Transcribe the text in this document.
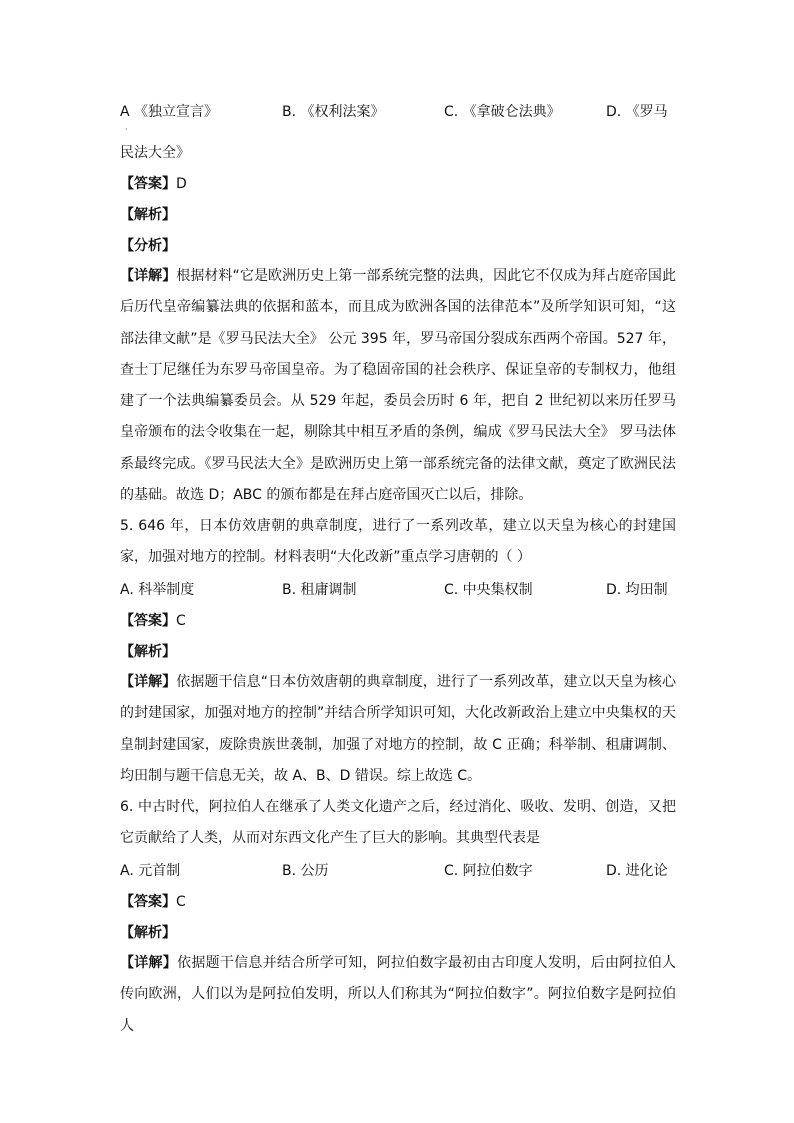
A 《独立宣言》	B. 《权利法案》	C. 《拿破仑法典》	D. 《罗马
民法大全》
【答案】D
【解析】
【分析】
【详解】根据材料“它是欧洲历史上第一部系统完整的法典，因此它不仅成为拜占庭帝国此后历代皇帝编纂法典的依据和蓝本，而且成为欧洲各国的法律范本”及所学知识可知，“这部法律文献”是《罗马民法大全》 公元 395 年，罗马帝国分裂成东西两个帝国。527 年，查士丁尼继任为东罗马帝国皇帝。为了稳固帝国的社会秩序、保证皇帝的专制权力，他组建了一个法典编纂委员会。从 529 年起，委员会历时 6 年，把自 2 世纪初以来历任罗马皇帝颁布的法令收集在一起，剔除其中相互矛盾的条例，编成《罗马民法大全》 罗马法体系最终完成。《罗马民法大全》是欧洲历史上第一部系统完备的法律文献，奠定了欧洲民法的基础。故选 D；ABC 的颁布都是在拜占庭帝国灭亡以后，排除。
5. 646 年，日本仿效唐朝的典章制度，进行了一系列改革，建立以天皇为核心的封建国家，加强对地方的控制。材料表明“大化改新”重点学习唐朝的（ ）
A. 科举制度	B. 租庸调制	C. 中央集权制	D. 均田制
【答案】C
【解析】
【详解】依据题干信息“日本仿效唐朝的典章制度，进行了一系列改革，建立以天皇为核心的封建国家，加强对地方的控制”并结合所学知识可知，大化改新政治上建立中央集权的天皇制封建国家，废除贵族世袭制，加强了对地方的控制，故 C 正确；科举制、租庸调制、均田制与题干信息无关，故 A、B、D 错误。综上故选 C。
6. 中古时代，阿拉伯人在继承了人类文化遗产之后，经过消化、吸收、发明、创造，又把它贡献给了人类，从而对东西文化产生了巨大的影响。其典型代表是
A. 元首制	B. 公历	C. 阿拉伯数字	D. 进化论
【答案】C
【解析】
【详解】依据题干信息并结合所学可知，阿拉伯数字最初由古印度人发明，后由阿拉伯人传向欧洲，人们以为是阿拉伯发明，所以人们称其为“阿拉伯数字”。阿拉伯数字是阿拉伯人
·
